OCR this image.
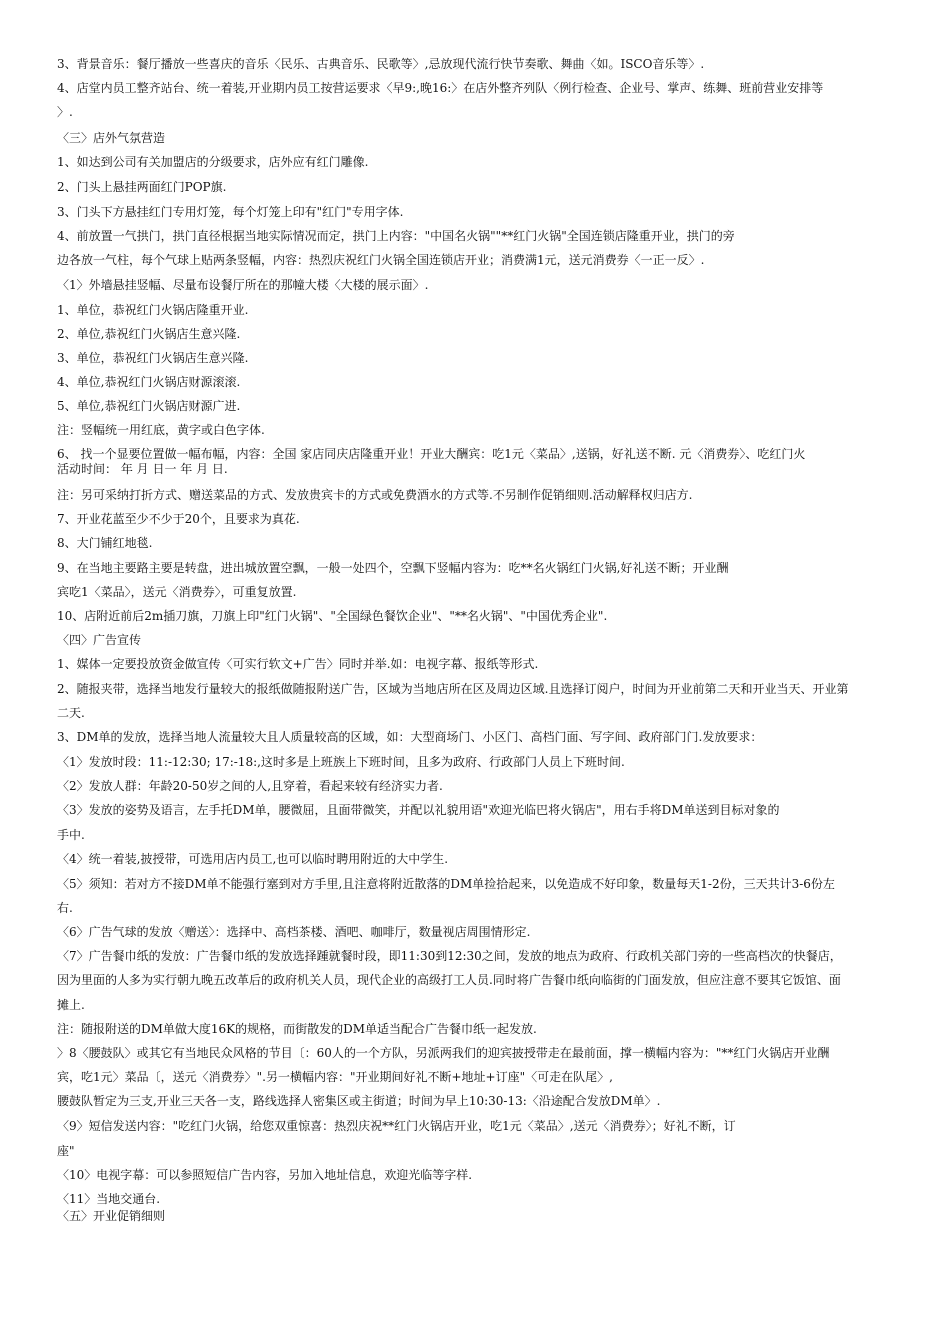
3、背景音乐：餐厅播放一些喜庆的音乐〈民乐、古典音乐、民歌等〉,忌放现代流行快节奏歌、舞曲〈如。ISCO音乐等〉.
4、店堂内员工整齐站台、统一着装,开业期内员工按营运要求〈早9:,晚16:〉在店外整齐列队〈例行检查、企业号、掌声、练舞、班前营业安排等
〉.
〈三〉店外气氛营造
1、如达到公司有关加盟店的分级要求，店外应有红门雕像.
2、门头上悬挂两面红门POP旗.
3、门头下方悬挂红门专用灯笼，每个灯笼上印有"红门"专用字体.
4、前放置一气拱门，拱门直径根据当地实际情况而定，拱门上内容："中国名火锅""**红门火锅"全国连锁店隆重开业，拱门的旁
边各放一气柱，每个气球上贴两条竖幅，内容：热烈庆祝红门火锅全国连锁店开业；消费满1元，送元消费券〈一正一反〉.
〈1〉外墙悬挂竖幅、尽量布设餐厅所在的那幢大楼〈大楼的展示面〉.
1、单位，恭祝红门火锅店隆重开业.
2、单位,恭祝红门火锅店生意兴隆.
3、单位，恭祝红门火锅店生意兴隆.
4、单位,恭祝红门火锅店财源滚滚.
5、单位,恭祝红门火锅店财源广进.
注：竖幅统一用红底，黄字或白色字体.
6、 找一个显要位置做一幅布幅，内容：全国 家店同庆店隆重开业！开业大酬宾：吃1元〈菜品〉,送锅，好礼送不断. 元〈消费券〉、吃红门火
活动时间： 年 月 日一 年 月 日.
注：另可采纳打折方式、赠送菜品的方式、发放贵宾卡的方式或免费酒水的方式等.不另制作促销细则.活动解释权归店方.
7、开业花蓝至少不少于20个，且要求为真花.
8、大门铺红地毯.
9、在当地主要路主要是转盘，进出城放置空飘，一般一处四个，空飘下竖幅内容为：吃**名火锅红门火锅,好礼送不断；开业酬
宾吃1〈菜品〉，送元〈消费券〉，可重复放置.
10、店附近前后2m插刀旗，刀旗上印"红门火锅"、"全国绿色餐饮企业"、"**名火锅"、"中国优秀企业".
〈四〉广告宣传
1、媒体一定要投放资金做宣传〈可实行软文+广告〉同时并举.如：电视字幕、报纸等形式.
2、随报夹带，选择当地发行量较大的报纸做随报附送广告，区域为当地店所在区及周边区域.且选择订阅户，时间为开业前第二天和开业当天、开业第
二天.
3、DM单的发放，选择当地人流量较大且人质量较高的区域，如：大型商场门、小区门、高档门面、写字间、政府部门门.发放要求：
〈1〉发放时段：11:-12:30; 17:-18:,这时多是上班族上下班时间，且多为政府、行政部门人员上下班时间.
〈2〉发放人群：年龄20-50岁之间的人,且穿着，看起来较有经济实力者.
〈3〉发放的姿势及语言，左手托DM单，腰微屈，且面带微笑，并配以礼貌用语"欢迎光临巴将火锅店"，用右手将DM单送到目标对象的
手中.
〈4〉统一着装,披授带，可选用店内员工,也可以临时聘用附近的大中学生.
〈5〉须知：若对方不接DM单不能强行塞到对方手里,且注意将附近散落的DM单捡拾起来，以免造成不好印象，数量每天1-2份，三天共计3-6份左
右.
〈6〉广告气球的发放〈赠送〉：选择中、高档茶楼、酒吧、咖啡厅，数量视店周围情形定.
〈7〉广告餐巾纸的发放：广告餐巾纸的发放选择踵就餐时段，即11:30到12:30之间，发放的地点为政府、行政机关部门旁的一些高档次的快餐店，
因为里面的人多为实行朝九晚五改革后的政府机关人员，现代企业的高级打工人员.同时将广告餐巾纸向临街的门面发放，但应注意不要其它饭馆、面
摊上.
注：随报附送的DM单做大度16K的规格，而街散发的DM单适当配合广告餐巾纸一起发放.
〉8〈腰鼓队〉或其它有当地民众风格的节目〔：60人的一个方队，另派两我们的迎宾披授带走在最前面，撑一横幅内容为："**红门火锅店开业酬
宾，吃1元〉菜品〔，送元〈消费券〉".另一横幅内容："开业期间好礼不断+地址+订座"〈可走在队尾〉,
腰鼓队暂定为三支,开业三天各一支，路线选择人密集区或主街道；时间为早上10:30-13:〈沿途配合发放DM单〉.
〈9〉短信发送内容："吃红门火锅，给您双重惊喜：热烈庆祝**红门火锅店开业，吃1元〈菜品〉,送元〈消费券〉；好礼不断，订
座"
〈10〉电视字幕：可以参照短信广告内容，另加入地址信息，欢迎光临等字样.
〈11〉当地交通台.
〈五〉开业促销细则
